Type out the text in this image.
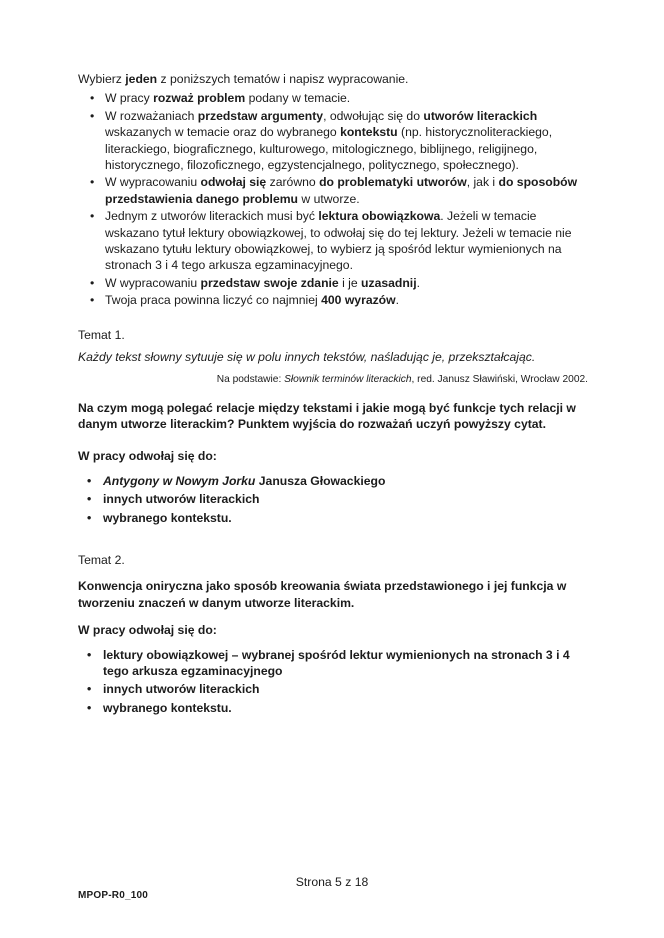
Wybierz jeden z poniższych tematów i napisz wypracowanie.

• W pracy rozważ problem podany w temacie.
• W rozważaniach przedstaw argumenty, odwołując się do utworów literackich wskazanych w temacie oraz do wybranego kontekstu (np. historycznoliterackiego, literackiego, biograficznego, kulturowego, mitologicznego, biblijnego, religijnego, historycznego, filozoficznego, egzystencjalnego, politycznego, społecznego).
• W wypracowaniu odwołaj się zarówno do problematyki utworów, jak i do sposobów przedstawienia danego problemu w utworze.
• Jednym z utworów literackich musi być lektura obowiązkowa. Jeżeli w temacie wskazano tytuł lektury obowiązkowej, to odwołaj się do tej lektury. Jeżeli w temacie nie wskazano tytułu lektury obowiązkowej, to wybierz ją spośród lektur wymienionych na stronach 3 i 4 tego arkusza egzaminacyjnego.
• W wypracowaniu przedstaw swoje zdanie i je uzasadnij.
• Twoja praca powinna liczyć co najmniej 400 wyrazów.

Temat 1.

Każdy tekst słowny sytuuje się w polu innych tekstów, naśladując je, przekształcając.

Na podstawie: Słownik terminów literackich, red. Janusz Sławiński, Wrocław 2002.

Na czym mogą polegać relacje między tekstami i jakie mogą być funkcje tych relacji w danym utworze literackim? Punktem wyjścia do rozważań uczyń powyższy cytat.

W pracy odwołaj się do:

• Antygony w Nowym Jorku Janusza Głowackiego
• innych utworów literackich
• wybranego kontekstu.

Temat 2.

Konwencja oniryczna jako sposób kreowania świata przedstawionego i jej funkcja w tworzeniu znaczeń w danym utworze literackim.

W pracy odwołaj się do:

• lektury obowiązkowej – wybranej spośród lektur wymienionych na stronach 3 i 4 tego arkusza egzaminacyjnego
• innych utworów literackich
• wybranego kontekstu.
Strona 5 z 18
MPOP-R0_100
